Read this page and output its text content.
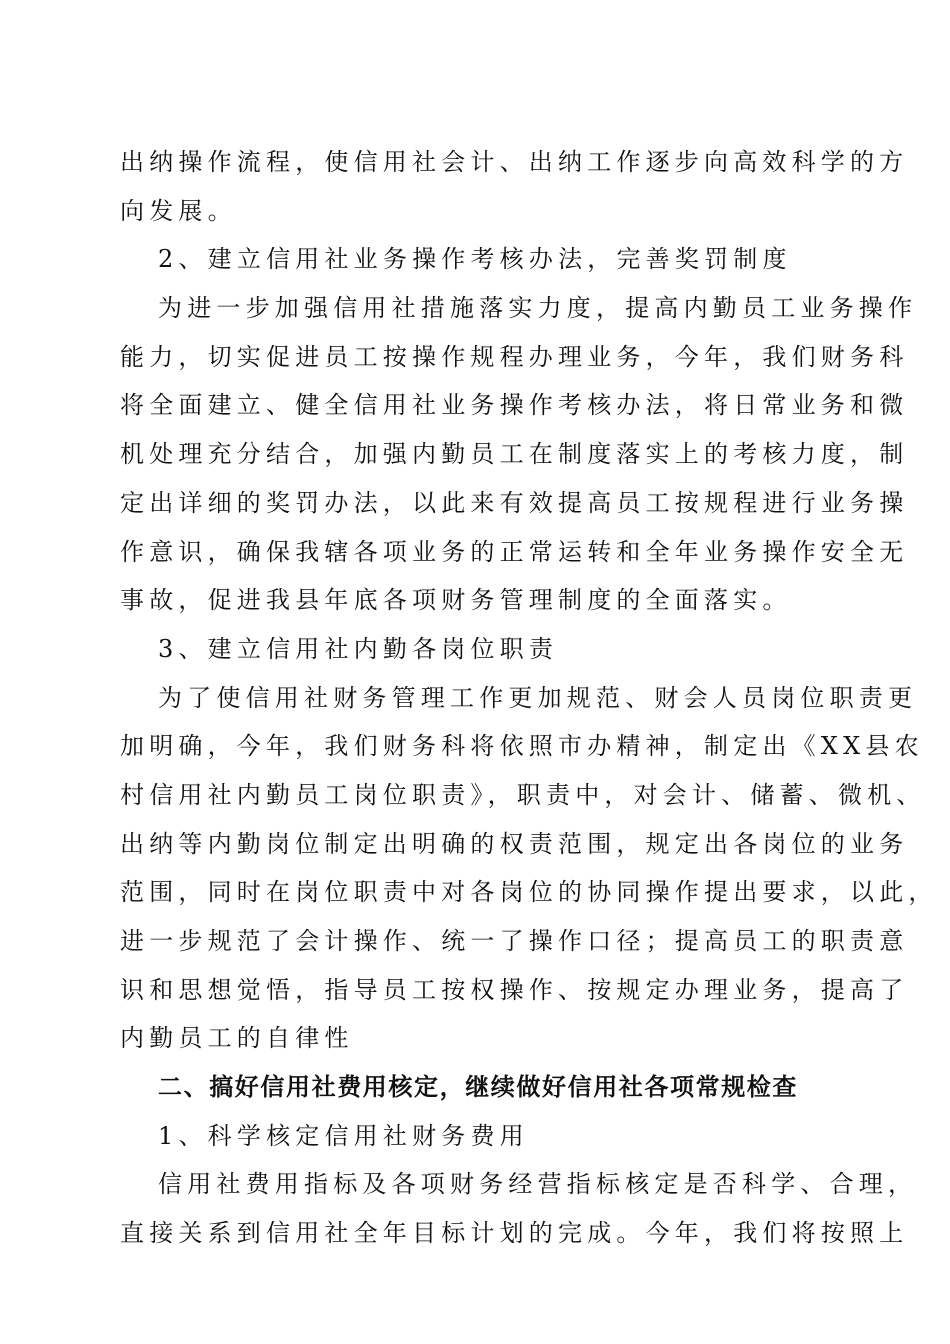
出纳操作流程，使信用社会计、出纳工作逐步向高效科学的方
向发展。
2、建立信用社业务操作考核办法，完善奖罚制度
为进一步加强信用社措施落实力度，提高内勤员工业务操作
能力，切实促进员工按操作规程办理业务，今年，我们财务科
将全面建立、健全信用社业务操作考核办法，将日常业务和微
机处理充分结合，加强内勤员工在制度落实上的考核力度，制
定出详细的奖罚办法，以此来有效提高员工按规程进行业务操
作意识，确保我辖各项业务的正常运转和全年业务操作安全无
事故，促进我县年底各项财务管理制度的全面落实。
3、建立信用社内勤各岗位职责
为了使信用社财务管理工作更加规范、财会人员岗位职责更
加明确，今年，我们财务科将依照市办精神，制定出《XX县农
村信用社内勤员工岗位职责》，职责中，对会计、储蓄、微机、
出纳等内勤岗位制定出明确的权责范围，规定出各岗位的业务
范围，同时在岗位职责中对各岗位的协同操作提出要求，以此，
进一步规范了会计操作、统一了操作口径；提高员工的职责意
识和思想觉悟，指导员工按权操作、按规定办理业务，提高了
内勤员工的自律性
二、搞好信用社费用核定，继续做好信用社各项常规检查
1、科学核定信用社财务费用
信用社费用指标及各项财务经营指标核定是否科学、合理，
直接关系到信用社全年目标计划的完成。今年，我们将按照上
